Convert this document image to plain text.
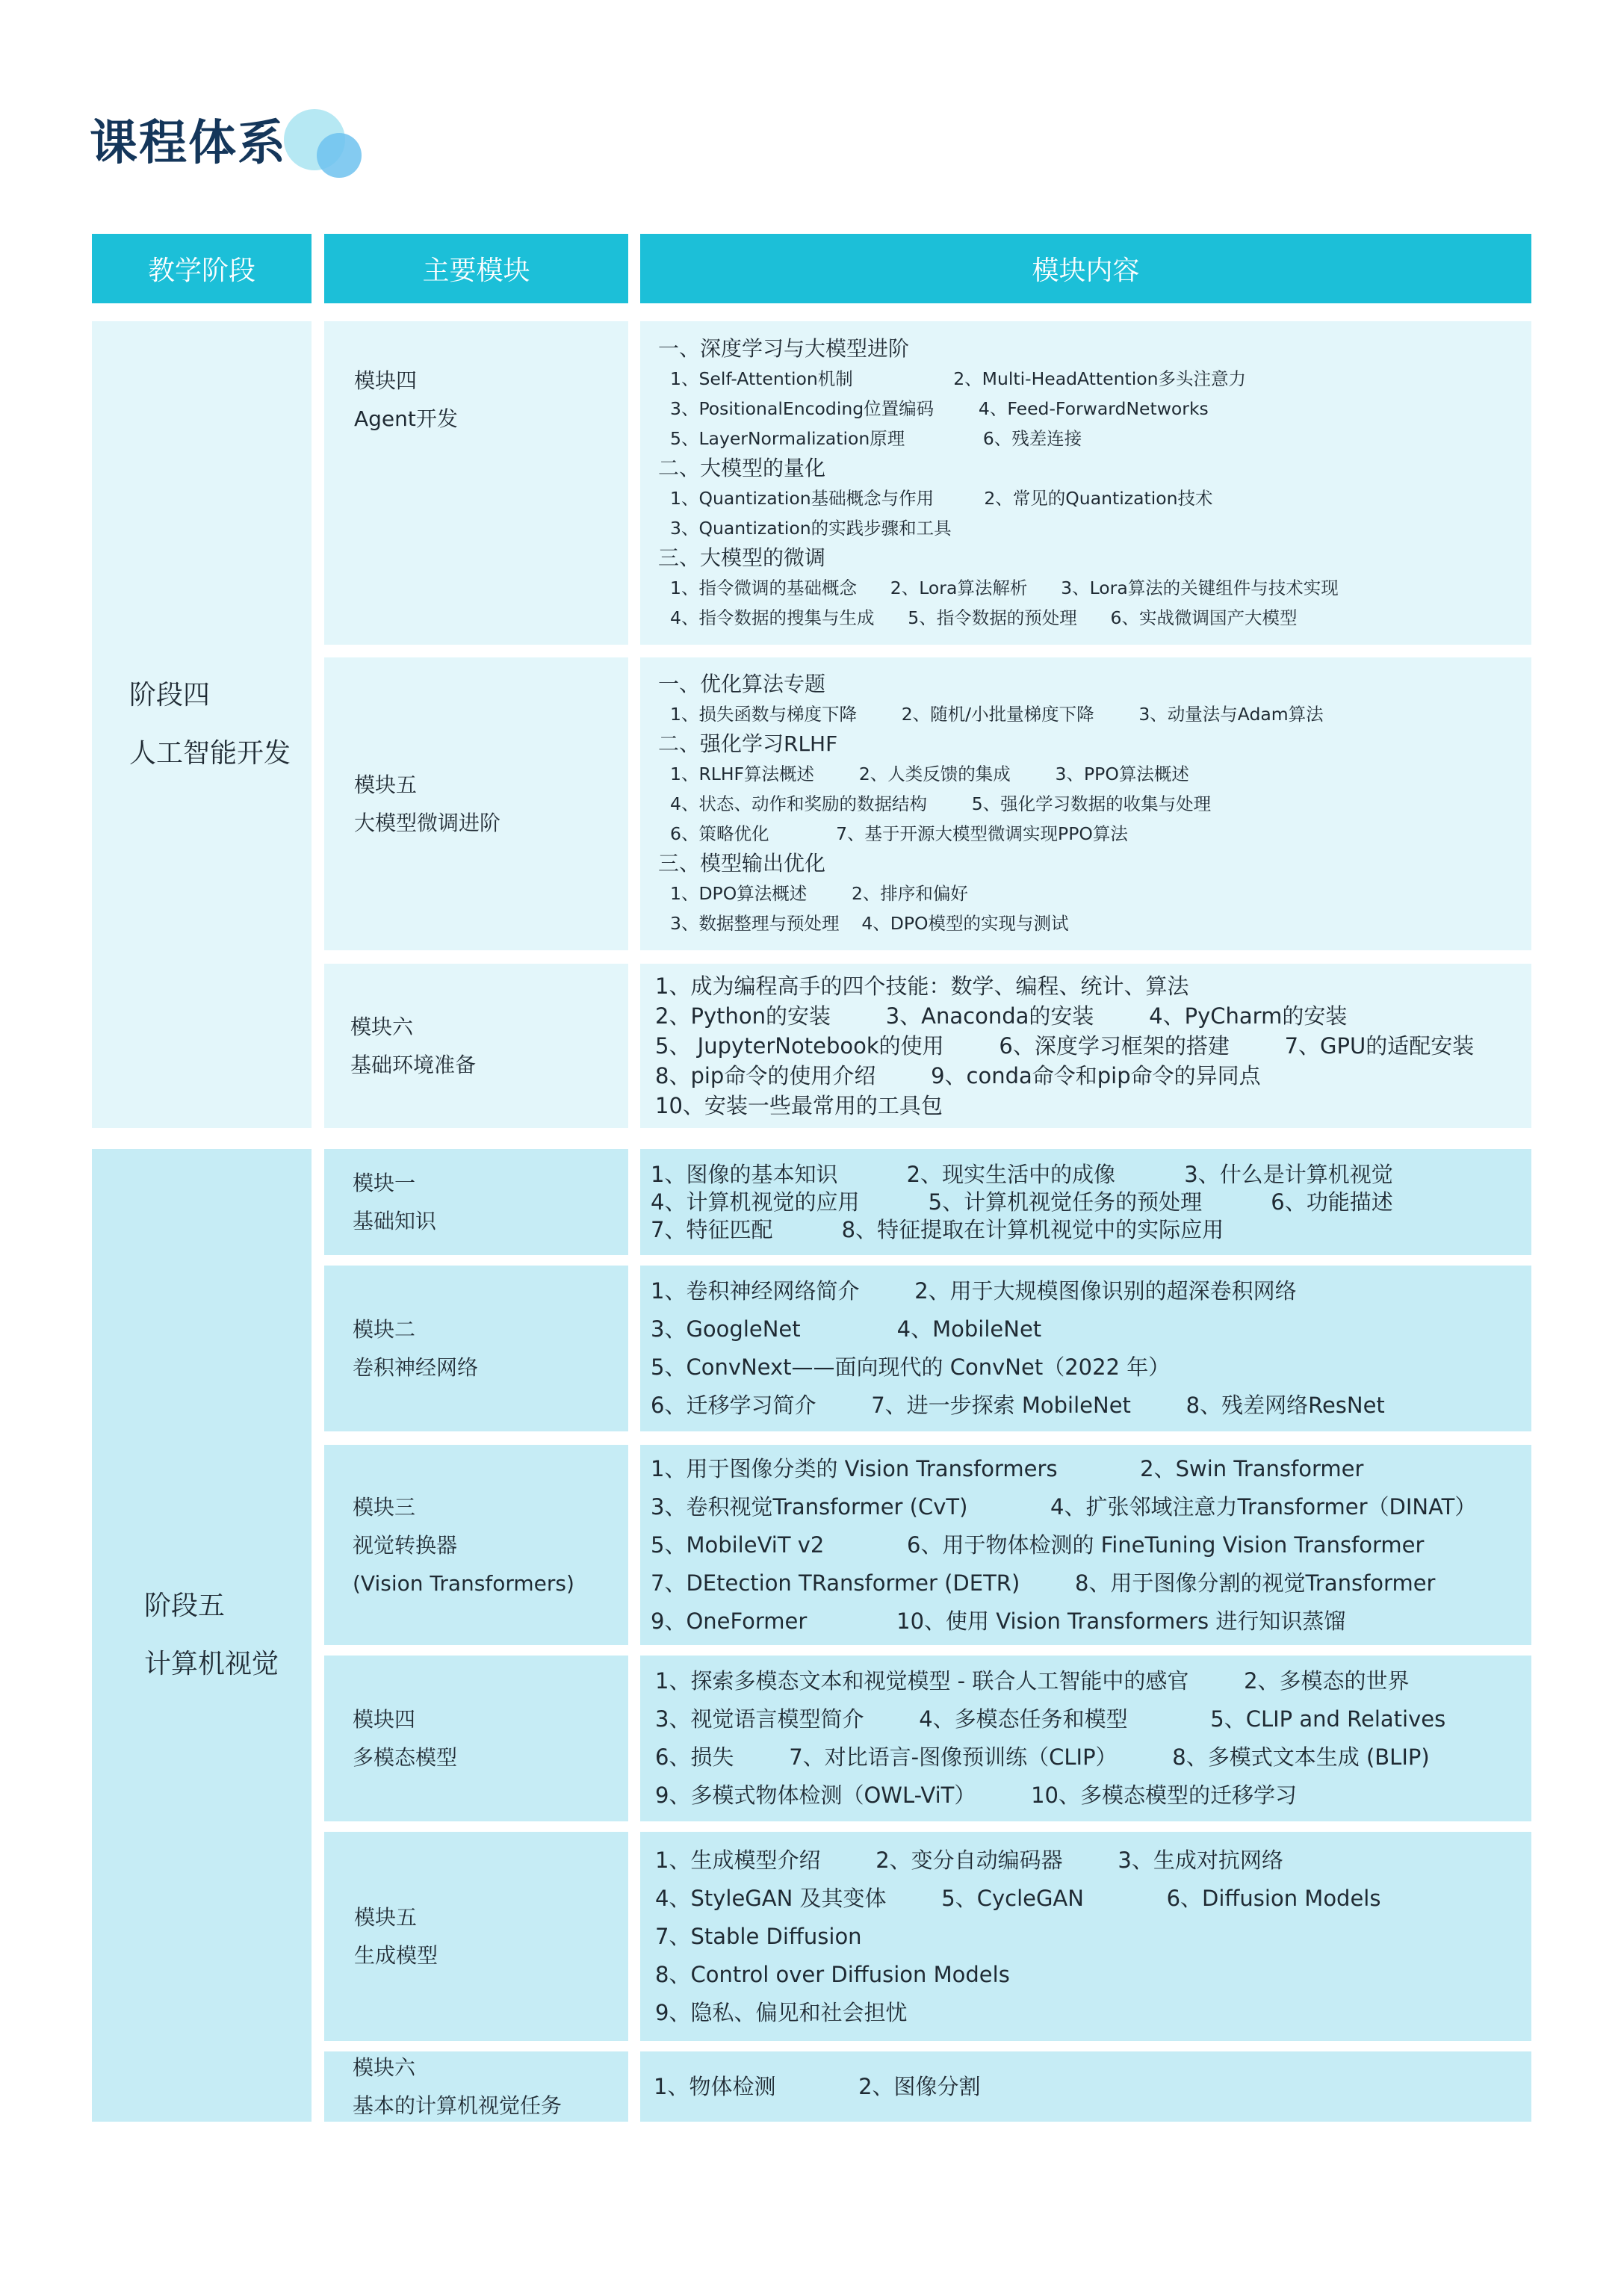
课程体系
教学阶段	主要模块	模块内容
阶段四
人工智能开发
模块四
Agent开发
一、深度学习与大模型进阶
1、Self-Attention机制                  2、Multi-HeadAttention多头注意力
3、PositionalEncoding位置编码        4、Feed-ForwardNetworks
5、LayerNormalization原理              6、残差连接
二、大模型的量化
1、Quantization基础概念与作用         2、常见的Quantization技术
3、Quantization的实践步骤和工具
三、大模型的微调
1、指令微调的基础概念      2、Lora算法解析      3、Lora算法的关键组件与技术实现
4、指令数据的搜集与生成      5、指令数据的预处理      6、实战微调国产大模型
模块五
大模型微调进阶
一、优化算法专题
1、损失函数与梯度下降        2、随机/小批量梯度下降        3、动量法与Adam算法
二、强化学习RLHF
1、RLHF算法概述        2、人类反馈的集成        3、PPO算法概述
4、状态、动作和奖励的数据结构        5、强化学习数据的收集与处理
6、策略优化            7、基于开源大模型微调实现PPO算法
三、模型输出优化
1、DPO算法概述        2、排序和偏好
3、数据整理与预处理    4、DPO模型的实现与测试
模块六
基础环境准备
1、成为编程高手的四个技能：数学、编程、统计、算法
2、Python的安装        3、Anaconda的安装        4、PyCharm的安装
5、 JupyterNotebook的使用        6、深度学习框架的搭建        7、GPU的适配安装
8、pip命令的使用介绍        9、conda命令和pip命令的异同点
10、安装一些最常用的工具包
阶段五
计算机视觉
模块一
基础知识
1、图像的基本知识          2、现实生活中的成像          3、什么是计算机视觉
4、计算机视觉的应用          5、计算机视觉任务的预处理          6、功能描述
7、特征匹配          8、特征提取在计算机视觉中的实际应用
模块二
卷积神经网络
1、卷积神经网络简介        2、用于大规模图像识别的超深卷积网络
3、GoogleNet              4、MobileNet
5、ConvNext——面向现代的 ConvNet（2022 年）
6、迁移学习简介        7、进一步探索 MobileNet        8、残差网络ResNet
模块三
视觉转换器
(Vision Transformers)
1、用于图像分类的 Vision Transformers            2、Swin Transformer
3、卷积视觉Transformer (CvT)            4、扩张邻域注意力Transformer（DINAT）
5、MobileViT v2            6、用于物体检测的 FineTuning Vision Transformer
7、DEtection TRansformer (DETR)        8、用于图像分割的视觉Transformer
9、OneFormer             10、使用 Vision Transformers 进行知识蒸馏
模块四
多模态模型
1、探索多模态文本和视觉模型 - 联合人工智能中的感官        2、多模态的世界
3、视觉语言模型简介        4、多模态任务和模型            5、CLIP and Relatives
6、损失        7、对比语言-图像预训练（CLIP）        8、多模式文本生成 (BLIP)
9、多模式物体检测（OWL-ViT）        10、多模态模型的迁移学习
模块五
生成模型
1、生成模型介绍        2、变分自动编码器        3、生成对抗网络
4、StyleGAN 及其变体        5、CycleGAN            6、Diffusion Models
7、Stable Diffusion
8、Control over Diffusion Models
9、隐私、偏见和社会担忧
模块六
基本的计算机视觉任务
1、物体检测            2、图像分割
